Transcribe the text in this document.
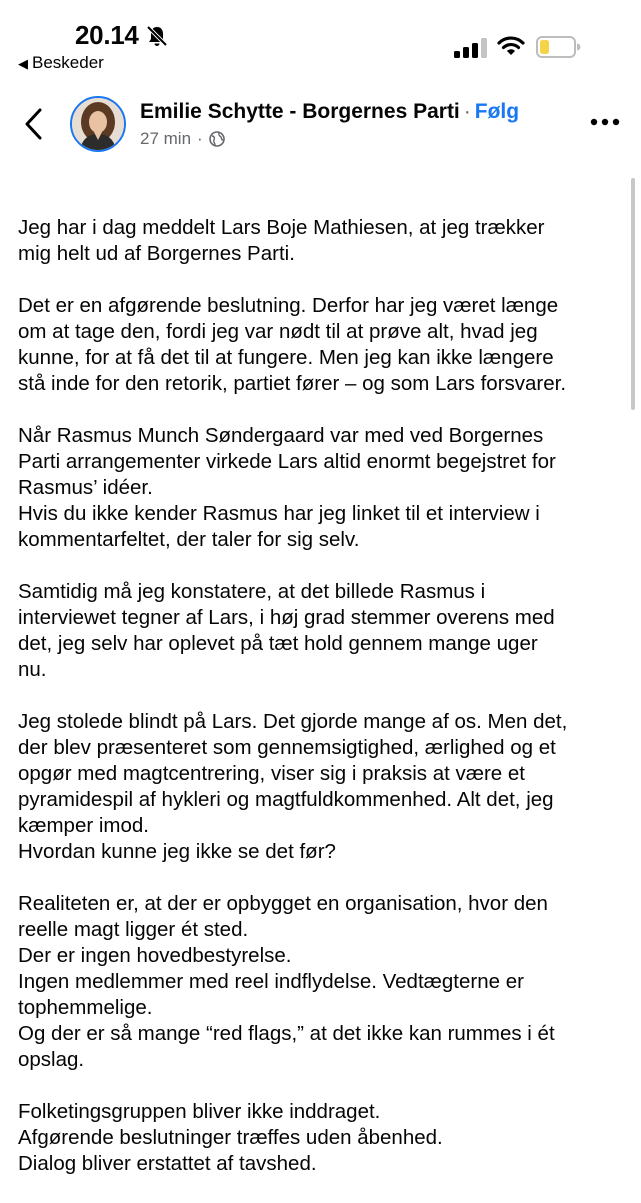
20.14
◀ Beskeder
Emilie Schytte - Borgernes Parti · Følg
27 min ·
Jeg har i dag meddelt Lars Boje Mathiesen, at jeg trækker
mig helt ud af Borgernes Parti.
Det er en afgørende beslutning. Derfor har jeg været længe
om at tage den, fordi jeg var nødt til at prøve alt, hvad jeg
kunne, for at få det til at fungere. Men jeg kan ikke længere
stå inde for den retorik, partiet fører – og som Lars forsvarer.
Når Rasmus Munch Søndergaard var med ved Borgernes
Parti arrangementer virkede Lars altid enormt begejstret for
Rasmus’ idéer.
Hvis du ikke kender Rasmus har jeg linket til et interview i
kommentarfeltet, der taler for sig selv.
Samtidig må jeg konstatere, at det billede Rasmus i
interviewet tegner af Lars, i høj grad stemmer overens med
det, jeg selv har oplevet på tæt hold gennem mange uger
nu.
Jeg stolede blindt på Lars. Det gjorde mange af os. Men det,
der blev præsenteret som gennemsigtighed, ærlighed og et
opgør med magtcentrering, viser sig i praksis at være et
pyramidespil af hykleri og magtfuldkommenhed. Alt det, jeg
kæmper imod.
Hvordan kunne jeg ikke se det før?
Realiteten er, at der er opbygget en organisation, hvor den
reelle magt ligger ét sted.
Der er ingen hovedbestyrelse.
Ingen medlemmer med reel indflydelse. Vedtægterne er
tophemmelige.
Og der er så mange “red flags,” at det ikke kan rummes i ét
opslag.
Folketingsgruppen bliver ikke inddraget.
Afgørende beslutninger træffes uden åbenhed.
Dialog bliver erstattet af tavshed.
